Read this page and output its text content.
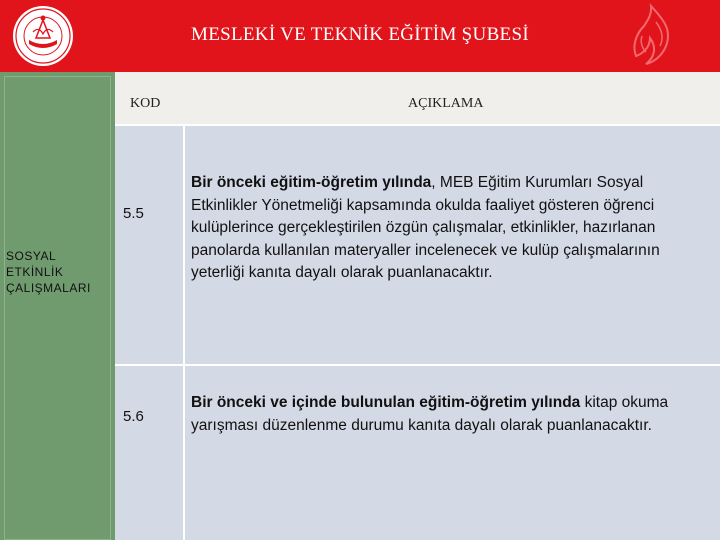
MESLEKİ VE TEKNİK EĞİTİM ŞUBESİ
KOD	AÇIKLAMA
SOSYAL
ETKİNLİK
ÇALIŞMALARI
5.5
Bir önceki eğitim-öğretim yılında, MEB Eğitim Kurumları Sosyal Etkinlikler Yönetmeliği kapsamında okulda faaliyet gösteren öğrenci kulüplerince gerçekleştirilen özgün çalışmalar, etkinlikler, hazırlanan panolarda kullanılan materyaller incelenecek ve kulüp çalışmalarının yeterliği kanıta dayalı olarak puanlanacaktır.
5.6
Bir önceki ve içinde bulunulan eğitim-öğretim yılında kitap okuma yarışması düzenlenme durumu kanıta dayalı olarak puanlanacaktır.
